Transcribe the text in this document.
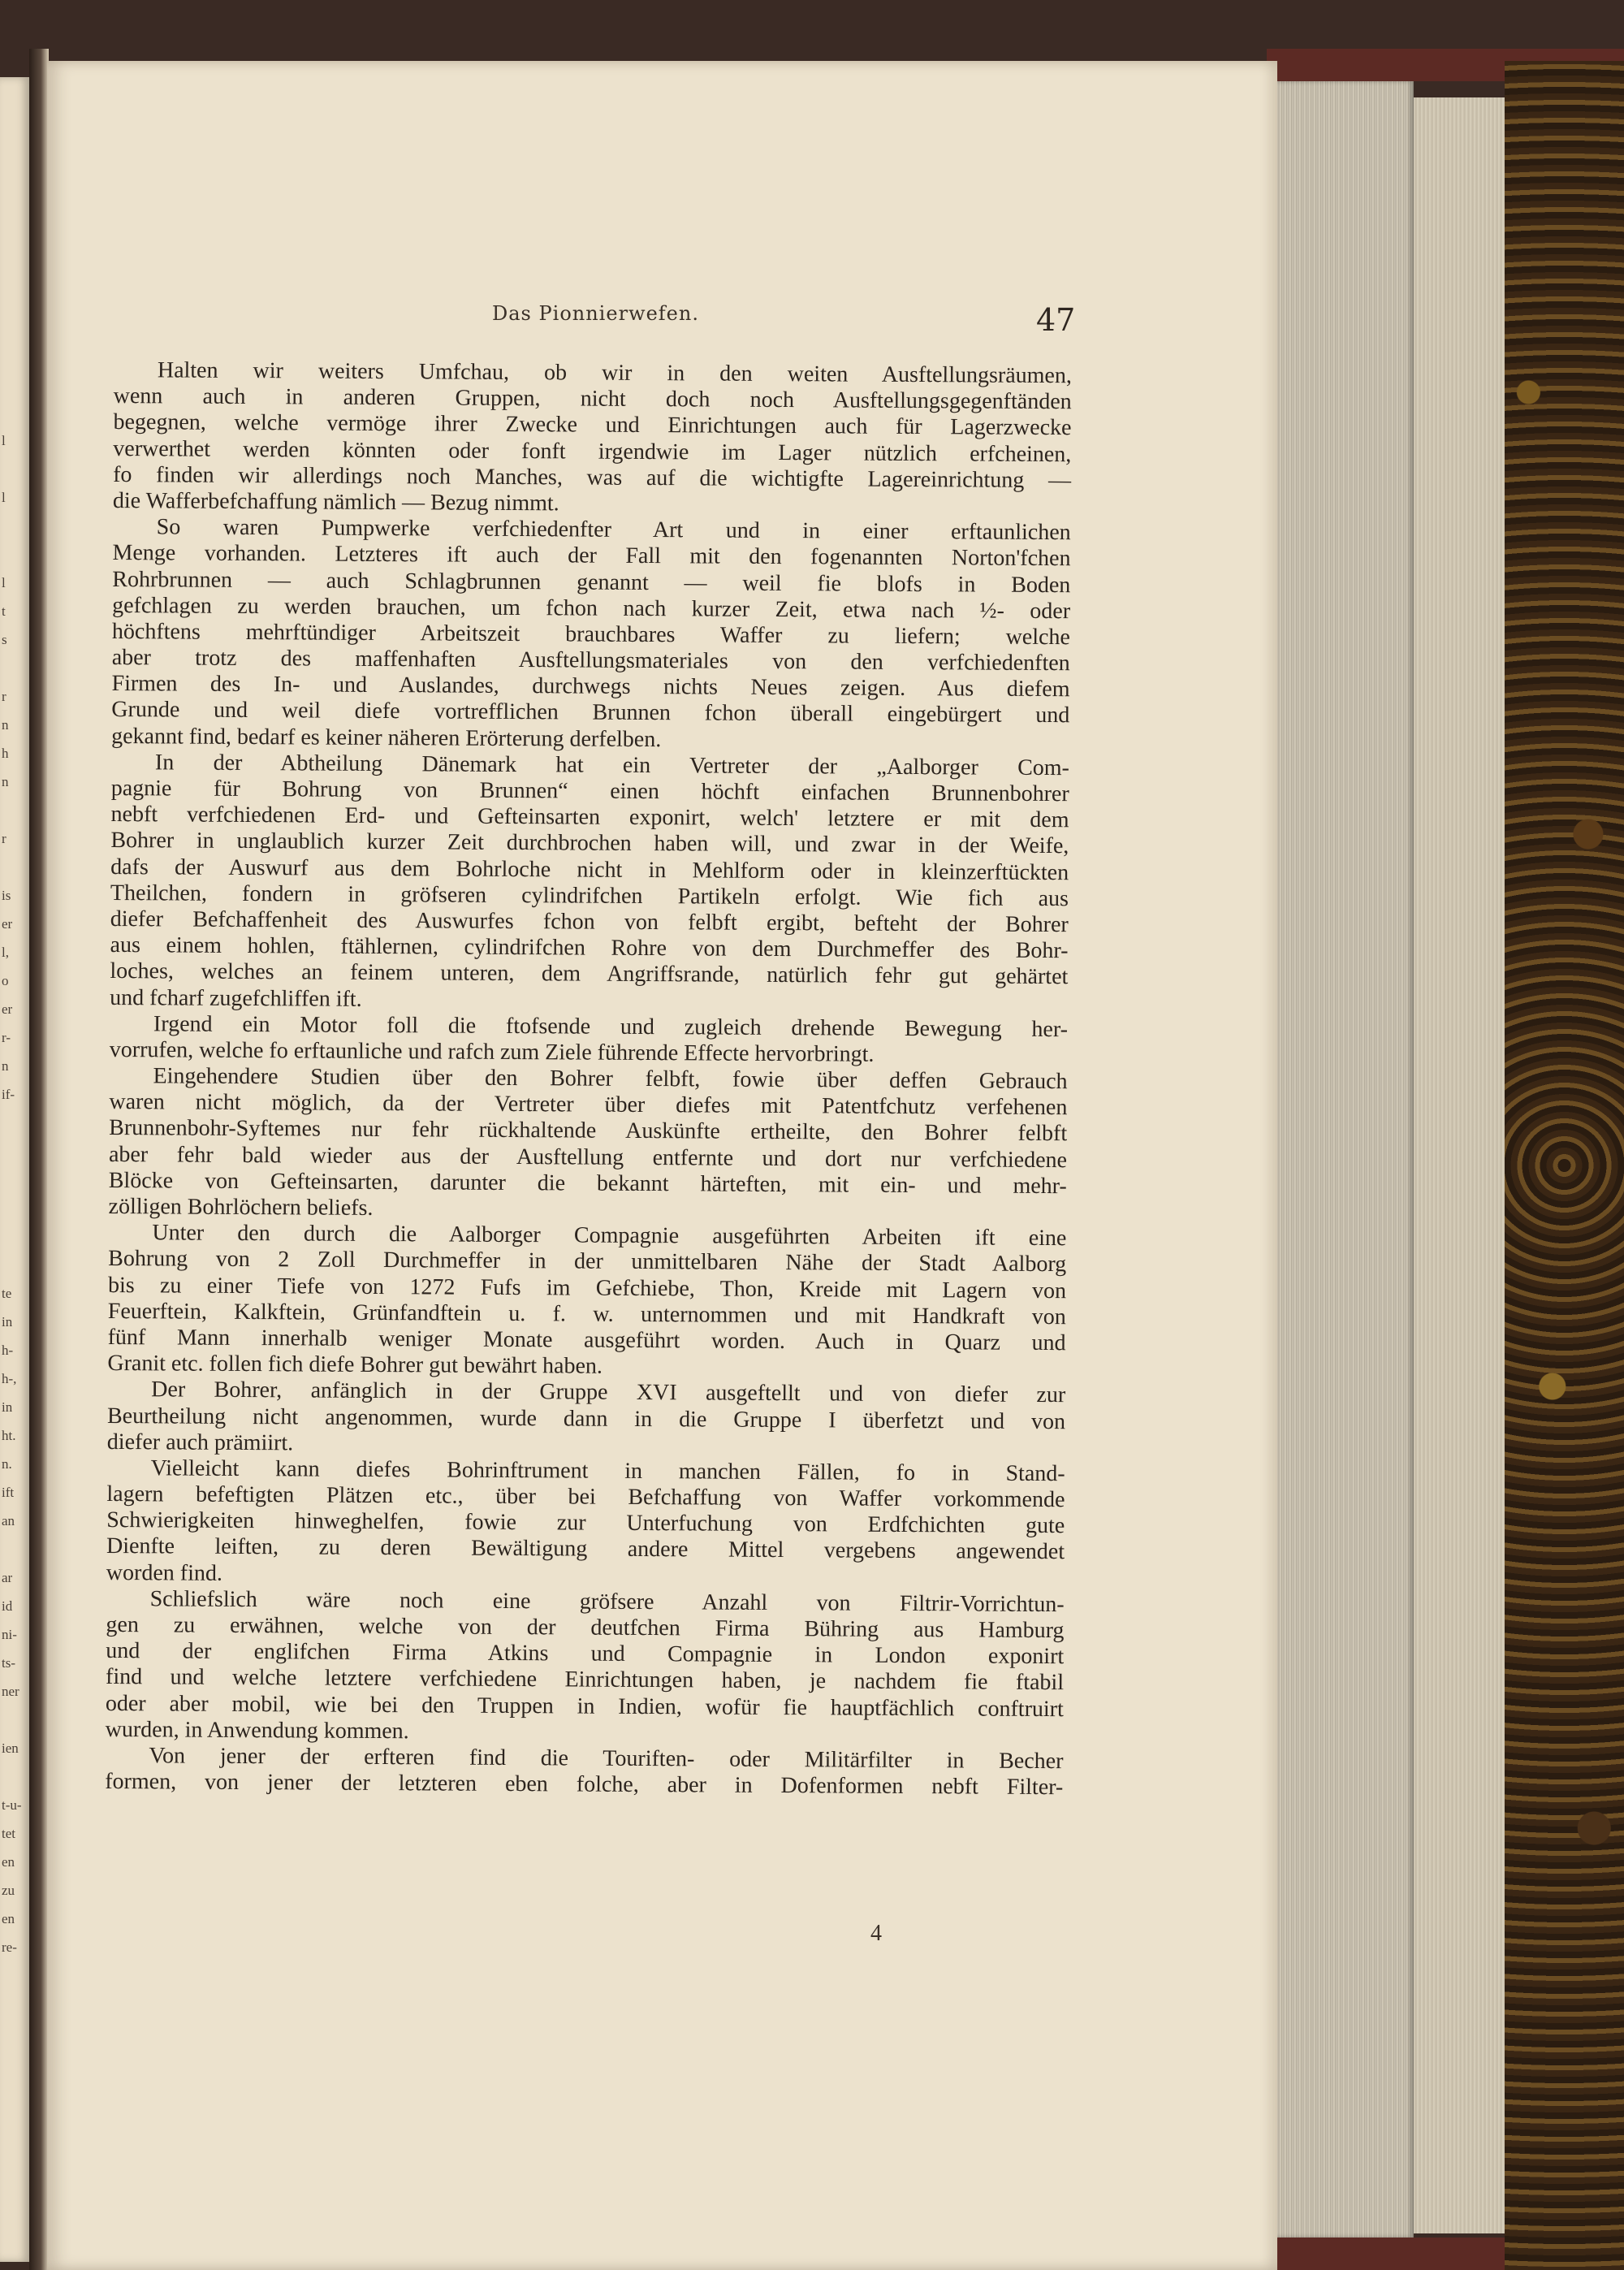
l
l
l
t
s
r
n
h
n
r
is
er
l,
o
er
r-
n
if-
te
in
h-
h-,
in
ht.
n.
ift
an
ar
id
ni-
ts-
ner
ien
t-u-
tet
en
zu
en
re-
Das Pionnierwefen.	47
Halten wir weiters Umfchau, ob wir in den weiten Ausftellungsräumen,
wenn auch in anderen Gruppen, nicht doch noch Ausftellungsgegenftänden
begegnen, welche vermöge ihrer Zwecke und Einrichtungen auch für Lagerzwecke
verwerthet werden könnten oder fonft irgendwie im Lager nützlich erfcheinen,
fo finden wir allerdings noch Manches, was auf die wichtigfte Lagereinrichtung —
die Wafferbefchaffung nämlich — Bezug nimmt.
So waren Pumpwerke verfchiedenfter Art und in einer erftaunlichen
Menge vorhanden. Letzteres ift auch der Fall mit den fogenannten Norton'fchen
Rohrbrunnen — auch Schlagbrunnen genannt — weil fie blofs in Boden
gefchlagen zu werden brauchen, um fchon nach kurzer Zeit, etwa nach ½- oder
höchftens mehrftündiger Arbeitszeit brauchbares Waffer zu liefern; welche
aber trotz des maffenhaften Ausftellungsmateriales von den verfchiedenften
Firmen des In- und Auslandes, durchwegs nichts Neues zeigen. Aus diefem
Grunde und weil diefe vortrefflichen Brunnen fchon überall eingebürgert und
gekannt find, bedarf es keiner näheren Erörterung derfelben.
In der Abtheilung Dänemark hat ein Vertreter der „Aalborger Com-
pagnie für Bohrung von Brunnen“ einen höchft einfachen Brunnenbohrer
nebft verfchiedenen Erd- und Gefteinsarten exponirt, welch' letztere er mit dem
Bohrer in unglaublich kurzer Zeit durchbrochen haben will, und zwar in der Weife,
dafs der Auswurf aus dem Bohrloche nicht in Mehlform oder in kleinzerftückten
Theilchen, fondern in gröfseren cylindrifchen Partikeln erfolgt. Wie fich aus
diefer Befchaffenheit des Auswurfes fchon von felbft ergibt, befteht der Bohrer
aus einem hohlen, ftählernen, cylindrifchen Rohre von dem Durchmeffer des Bohr-
loches, welches an feinem unteren, dem Angriffsrande, natürlich fehr gut gehärtet
und fcharf zugefchliffen ift.
Irgend ein Motor foll die ftofsende und zugleich drehende Bewegung her-
vorrufen, welche fo erftaunliche und rafch zum Ziele führende Effecte hervorbringt.
Eingehendere Studien über den Bohrer felbft, fowie über deffen Gebrauch
waren nicht möglich, da der Vertreter über diefes mit Patentfchutz verfehenen
Brunnenbohr-Syftemes nur fehr rückhaltende Auskünfte ertheilte, den Bohrer felbft
aber fehr bald wieder aus der Ausftellung entfernte und dort nur verfchiedene
Blöcke von Gefteinsarten, darunter die bekannt härteften, mit ein- und mehr-
zölligen Bohrlöchern beliefs.
Unter den durch die Aalborger Compagnie ausgeführten Arbeiten ift eine
Bohrung von 2 Zoll Durchmeffer in der unmittelbaren Nähe der Stadt Aalborg
bis zu einer Tiefe von 1272 Fufs im Gefchiebe, Thon, Kreide mit Lagern von
Feuerftein, Kalkftein, Grünfandftein u. f. w. unternommen und mit Handkraft von
fünf Mann innerhalb weniger Monate ausgeführt worden. Auch in Quarz und
Granit etc. follen fich diefe Bohrer gut bewährt haben.
Der Bohrer, anfänglich in der Gruppe XVI ausgeftellt und von diefer zur
Beurtheilung nicht angenommen, wurde dann in die Gruppe I überfetzt und von
diefer auch prämiirt.
Vielleicht kann diefes Bohrinftrument in manchen Fällen, fo in Stand-
lagern befeftigten Plätzen etc., über bei Befchaffung von Waffer vorkommende
Schwierigkeiten hinweghelfen, fowie zur Unterfuchung von Erdfchichten gute
Dienfte leiften, zu deren Bewältigung andere Mittel vergebens angewendet
worden find.
Schliefslich wäre noch eine gröfsere Anzahl von Filtrir-Vorrichtun-
gen zu erwähnen, welche von der deutfchen Firma Bühring aus Hamburg
und der englifchen Firma Atkins und Compagnie in London exponirt
find und welche letztere verfchiedene Einrichtungen haben, je nachdem fie ftabil
oder aber mobil, wie bei den Truppen in Indien, wofür fie hauptfächlich conftruirt
wurden, in Anwendung kommen.
Von jener der erfteren find die Touriften- oder Militärfilter in Becher
formen, von jener der letzteren eben folche, aber in Dofenformen nebft Filter-
4
